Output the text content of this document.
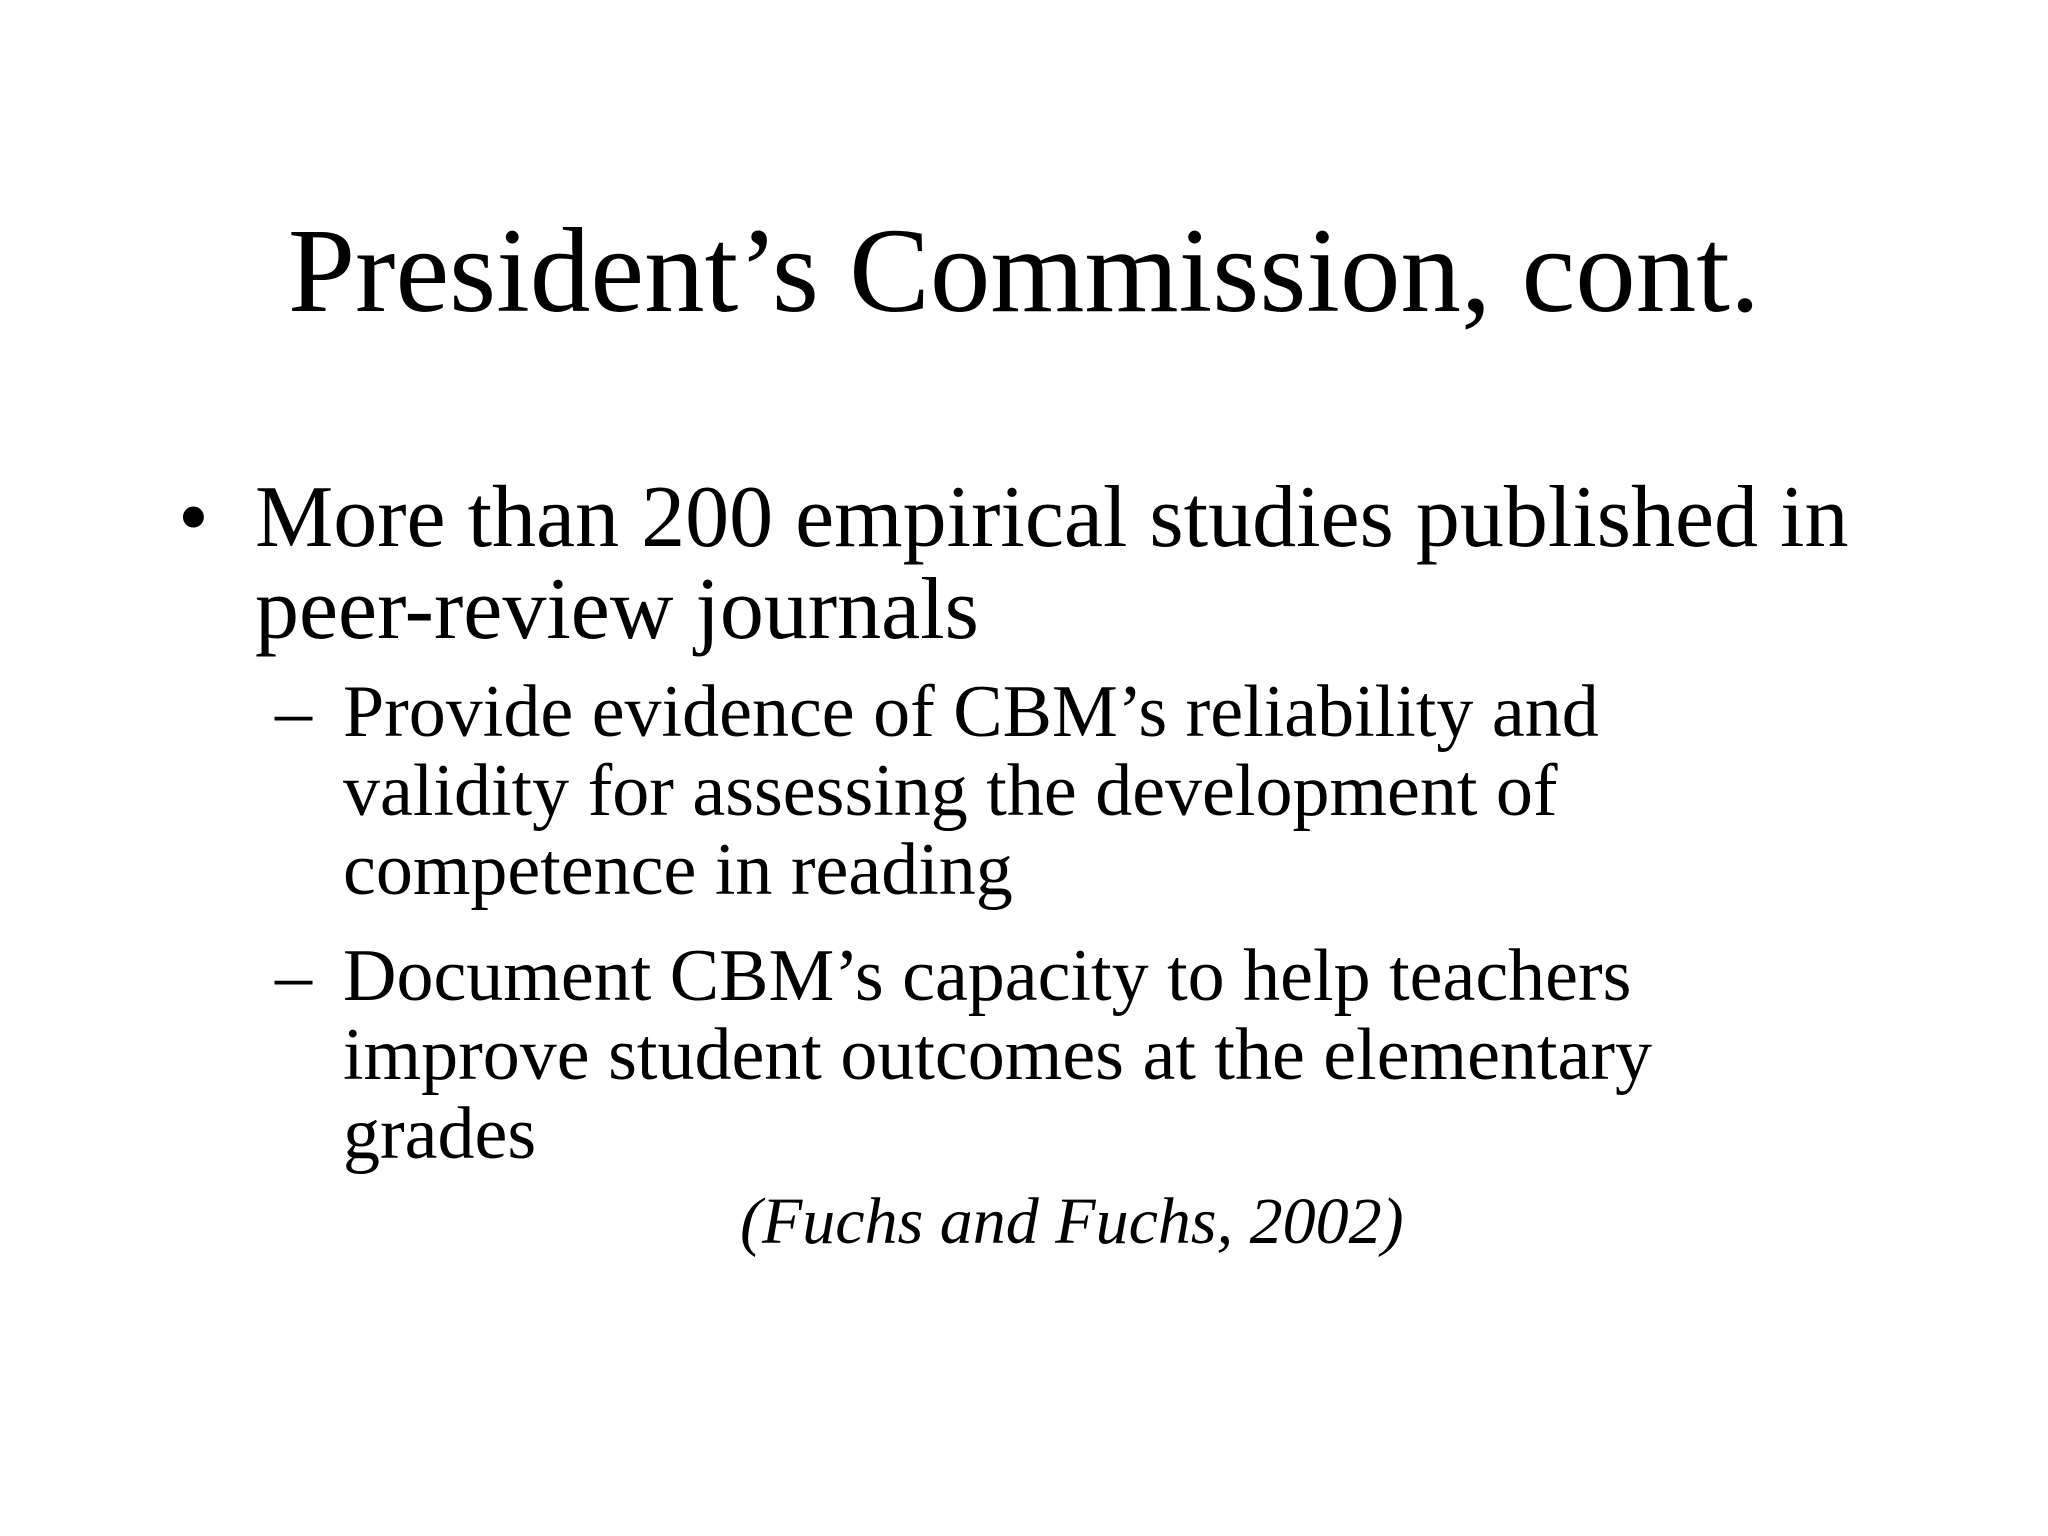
President’s Commission, cont.
• More than 200 empirical studies published in peer-review journals
– Provide evidence of CBM’s reliability and validity for assessing the development of competence in reading
– Document CBM’s capacity to help teachers improve student outcomes at the elementary grades
(Fuchs and Fuchs, 2002)
